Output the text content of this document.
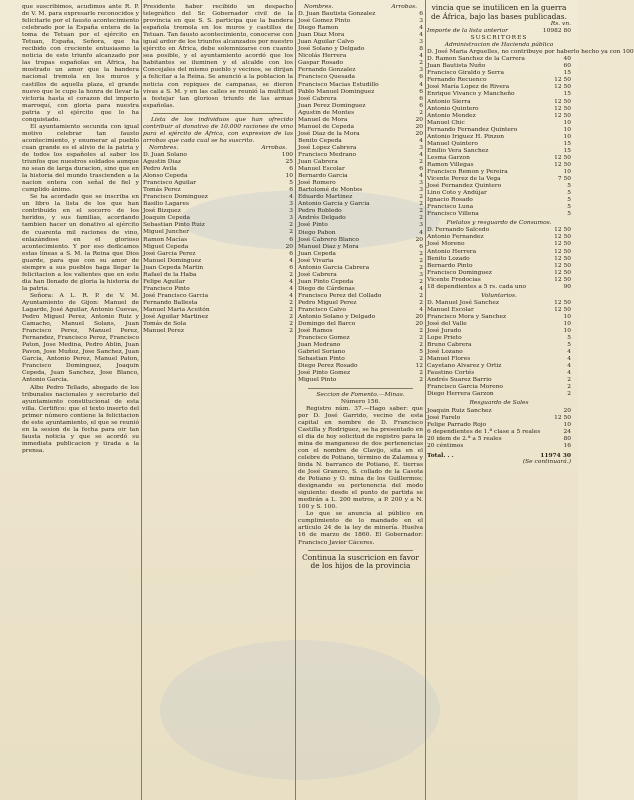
que suscribimos, acudimos ante R. P. de V. M. para expresarle reconocidos y felicitarle por el fausto acontecimiento celebrado por la España entera de la toma de Tetuan por el ejército en Tetuan, España, Señora, que ha recibido con creciente entusiasmo la noticia de este triunfo alcanzado por las tropas españolas en África, ha mostrado un amor que la bandera nacional tremola en los muros y castillos de aquella plaza, el grande nuevo que le cupo la honra de llevar la victoria hasta el corazon del imperio marroquí, con gloria para nuestra patria y el ejército que lo ha conquistado.

El ayuntamiento secunda con igual motivo celebrar tan fausto acontecimiento, y enumerar al pueblo cuan grande es el alivio de la patria y de todos los españoles al saber los triunfos que nuestros soldados aunque no sean de larga duracion, sino que en la historia del mundo trascienden a la nacion entera con señal de fiel y cumplido ánimo.

Se ha acordado que se inscriba en un libro la lista de los que han contribuido en el socorro de los heridos, y sus familias, acordando tambien hacer un donativo al ejército de cuarenta mil raciones de vino, enlazándose en el glorioso acontecimiento. Y por eso dedicamos estas líneas a S. M. la Reina que Dios guarde, para que con su amor de siempre a sus pueblos haga llegar la felicitacion a los valientes que en este dia han llenado de gloria la historia de la patria.

Señora: A L. R. P. de V. M. Ayuntamiento de Gijon: Manuel de Lagarde, José Aguilar, Antonio Cuevas, Pedro Miguel Perez, Antonio Ruiz y Camacho, Manuel Solans, Juan Francisco Perez, Manuel Perez, Fernandez, Francisco Perez, Francisco Paton, Jose Medina, Pedro Ablin, Juan Pavon, Jose Muñoz, Jose Sanchez, Juan Garcia, Antonio Perez, Manuel Paton, Francisco Dominguez, Joaquin Cepeda, Juan Sanchez, Jose Blanco, Antonio Garcia.

Albo Pedro Tellado, abogado de los tribunales nacionales y secretario del ayuntamiento constitucional de esta villa. Certifico: que el texto inserto del primer número contiene la felicitacion de este ayuntamiento, el que se reunió en la sesion de la fecha para oir tan fausta noticia y que se acordó su inmediata publicacion y tirada a la prensa.

Presidente haber recibido un despacho telegráfico del Sr. Gobernador civil de la provincia en que S. S. participa que la bandera española tremola en los muros y castillos de Tetuan. Tan fausto acontecimiento, conocerse con igual ardor de los triunfos alcanzados por nuestro ejército en África, debe solemnizarse con cuanto sea posible, y el ayuntamiento acordó que los habitantes se iluminen y el alcalde con los Concejales del mismo pueblo y vecinos, se dirijan a felicitar a la Reina. Se anunció a la poblacion la noticia con repiques de campanas, se dieron vivas a S. M. y en las calles se reunió la multitud a festejar tan glorioso triunfo de las armas españolas.

Lista de los individuos que han ofrecido contribuir al donativo de 10.000 raciones de vino para el ejército de África, con expresion de las arrobas que cada cual se ha suscrito.

Nombres.	Arrobas.
D. Juan Solano	100
Agustin Diaz	25
Pedro Avila	6
Alonso Cepeda	10
Francisco Aguilar	5
Tomás Perez	6
Francisco Dominguez	4
Basilio Lagares	3
José Bizquez	3
Joaquin Cepeda	3
Sebastian Pinto Ruiz	2
Miguel Juncher	2
Ramon Macías	6
Miguel Cepeda	20
José Garcia Perez	6
Manuel Dominguez	4
Juan Cepeda Martin	6
Rafael de la Haba	2
Felipe Aguilar	4
Francisco Pinto	4
José Francisco Garcia	4
Fernando Ballesta	2
Manuel Maria Aceitón	2
José Aguilar Martinez	2
Tomás de Sola	2
Manuel Perez	2
Nombres.	Arrobas.
D. Juan Bautista Gonzalez	6
José Gomez Pinto	3
Diego Ramon	4
Juan Diaz Mora	4
Juan Aguilar Calvo	3
José Solano y Delgado	8
Nicolás Herrera	4
Gaspar Rosado	2
Fernando Gonzalez	3
Francisco Quesada	6
Francisco Macias Estudillo	4
Pablo Manuel Dominguez	6
José Cabrera	6
Juan Perez Dominguez	6
Agustin de Montes	2
Manuel de Mora	20
Manuel de Cepeda	20
José Diaz de la Mora	20
Benito Cepeda	4
José Lopez Cabrera	3
Francisco Medrano	4
Juan Cabrera	2
Manuel Escolar	6
Bernardo Garcia	4
José Romero	3
Bartolomé de Montes	3
Eduardo Martinez	2
Antonio Garcia y Garcia	2
Pedro Robledo	2
Andrés Delgado	2
José Pinto	3
Diego Pabon	4
José Cabrero Blanco	20
Manuel Diaz y Mora	6
Juan Cepeda	2
José Vivaria	2
Antonio Garcia Cabrera	2
José Cabrera	3
Juan Pinto Cepeda	2
Diego de Cárdenas	4
Francisco Perez del Collado	2
Pedro Miguel Perez	2
Francisco Calvo	4
Antonio Solano y Delgado	20
Domingo del Barco	20
José Ramos	2
Francisco Gomez	2
Juan Medrano	2
Gabriel Soriano	5
Sebastian Pinto	2
Diego Perez Rosado	12
José Pinto Gomez	2
Miguel Pinto	2

Seccion de Fomento.—Minas.

Número 156.

Registro núm. 37.—Hago saber: que por D. José Garrido, vecino de esta capital en nombre de D. Francisco Castilla y Rodriguez, se ha presentado en el dia de hoy solicitud de registro para la mina de manganeso de dos pertenencias con el nombre de Clavijo, sita en el celebre de Potiano, término de Zalamea y linda N. barranco de Potiano, E. tierras de José Granero, S. collado de la Casota de Potiano y O. mina de los Guillermos; designando su pertenencia del modo siguiente: desde el punto de partida se medirán a L. 200 metros, a P. 200 y a N. 100 y S. 100.

Lo que se anuncia al público en cumplimiento de lo mandado en el artículo 24 de la ley de minería. Huelva 16 de marzo de 1860. El Gobernador: Francisco Javier Cáceres.

Continua la suscricion en favor de los hijos de la provincia

vincia que se inutilicen en la guerra de África, bajo las bases publicadas.

Rs. vn.

Importe de la lista anterior	10982 80

SUSCRITORES

Administracion de Hacienda pública

D. José Maria Arguelles, no contribuye por haberlo hecho ya con 100
D. Ramon Sanchez de la Carrera	40
Juan Bautista Nuño	60
Francisco Giraldo y Serra	15
Fernando Recuenco	12 50
José María Lopez de Rivera	12 50
Enrique Vivanco y Mancheño	15
Antonio Sierra	12 50
Antonio Quintero	12 50
Antonio Mendez	12 50
Manuel Chic	10
Fernando Fernandez Quintero	10
Antonio Iriguez H. Pinzon	10
Manuel Quintero	15
Emilio Vera Sanchez	15
Lesma Garzon	12 50
Ramon Villegas	12 50
Francisco Remon y Pereira	10
Vicente Perez de la Vega	7 50
José Fernandez Quintero	5
Lino Coto y Andújar	5
Ignacio Rosado	5
Francisco Luna	5
Francisco Villena	5

Fielatos y resguardo de Consumos.

D. Fernando Salcedo	12 50
Antonio Fernandez	12 50
José Moreno	12 50
Antonio Herrera	12 50
Benito Lozado	12 50
Bernardo Pinto	12 50
Francisco Dominguez	12 50
Vicente Fredocias	12 50
18 dependientes a 5 rs. cada uno	90

Voluntarios.

D. Manuel José Sanchez	12 50
Manuel Escolar	12 50
Francisco Mora y Sanchez	10
José del Valle	10
José Jurado	10
Lope Prieto	5
Bruno Cabrera	5
José Lozano	4
Manuel Flores	4
Cayetano Alvarez y Ortiz	4
Faustino Cortés	4
Andrés Suarez Barrio	2
Francisco Garcia Moreno	2
Diego Herrera Garzon	2

Resguardo de Sales

Joaquin Ruiz Sanchez	20
José Farelo	12 50
Felipe Parrado Rojo	10
6 dependientes de 1.ª clase a 5 reales	24
20 idem de 2.ª a 5 reales	80
20 céntimos	16
Total. . .	11974 30

(Se continuará.)
